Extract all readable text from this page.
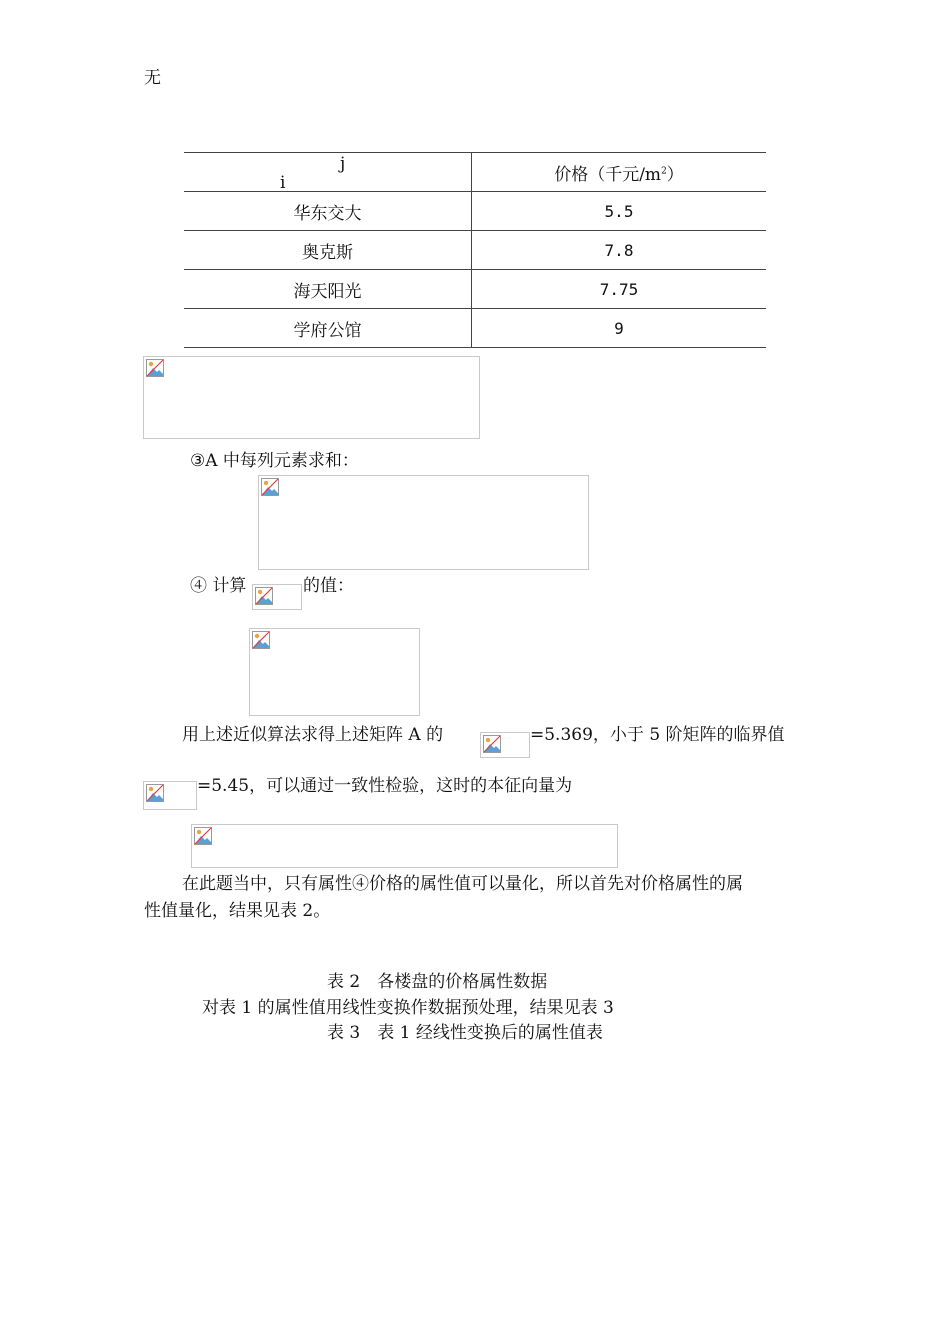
无
j
i	价格（千元$/m^2$）
华东交大	5.5
奥克斯	7.8
海天阳光	7.75
学府公馆	9
③A 中每列元素求和：
④ 计算	的值：
用上述近似算法求得上述矩阵 A 的	=5.369，小于 5 阶矩阵的临界值
=5.45，可以通过一致性检验，这时的本征向量为
在此题当中，只有属性④价格的属性值可以量化，所以首先对价格属性的属
性值量化，结果见表 2。
表 2　各楼盘的价格属性数据
对表 1 的属性值用线性变换作数据预处理，结果见表 3
表 3　表 1 经线性变换后的属性值表
